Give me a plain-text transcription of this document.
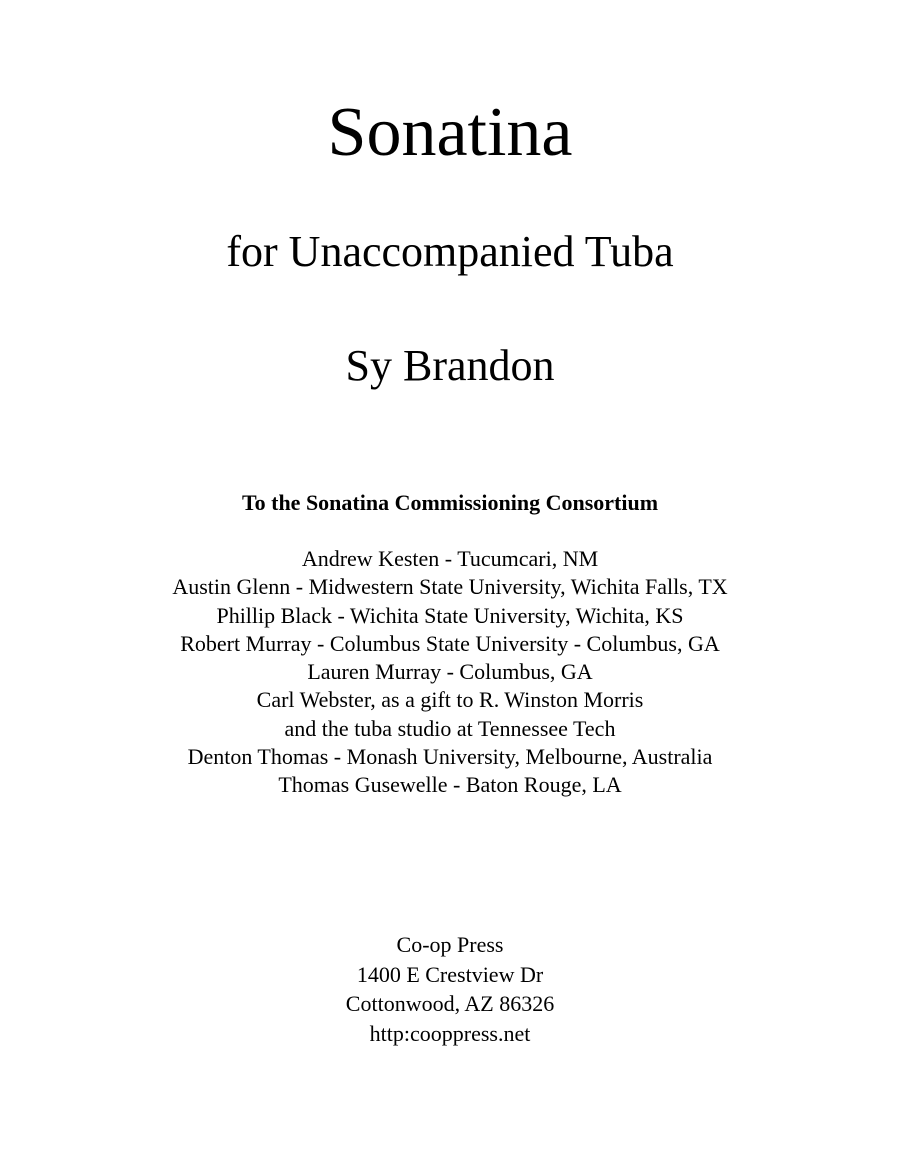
Sonatina
for Unaccompanied Tuba
Sy Brandon
To the Sonatina Commissioning Consortium
Andrew Kesten - Tucumcari, NM
Austin Glenn - Midwestern State University, Wichita Falls, TX
Phillip Black - Wichita State University, Wichita, KS
Robert Murray - Columbus State University - Columbus, GA
Lauren Murray - Columbus, GA
Carl Webster, as a gift to R. Winston Morris
and the tuba studio at Tennessee Tech
Denton Thomas - Monash University, Melbourne, Australia
Thomas Gusewelle - Baton Rouge, LA
Co-op Press
1400 E Crestview Dr
Cottonwood, AZ 86326
http:cooppress.net
